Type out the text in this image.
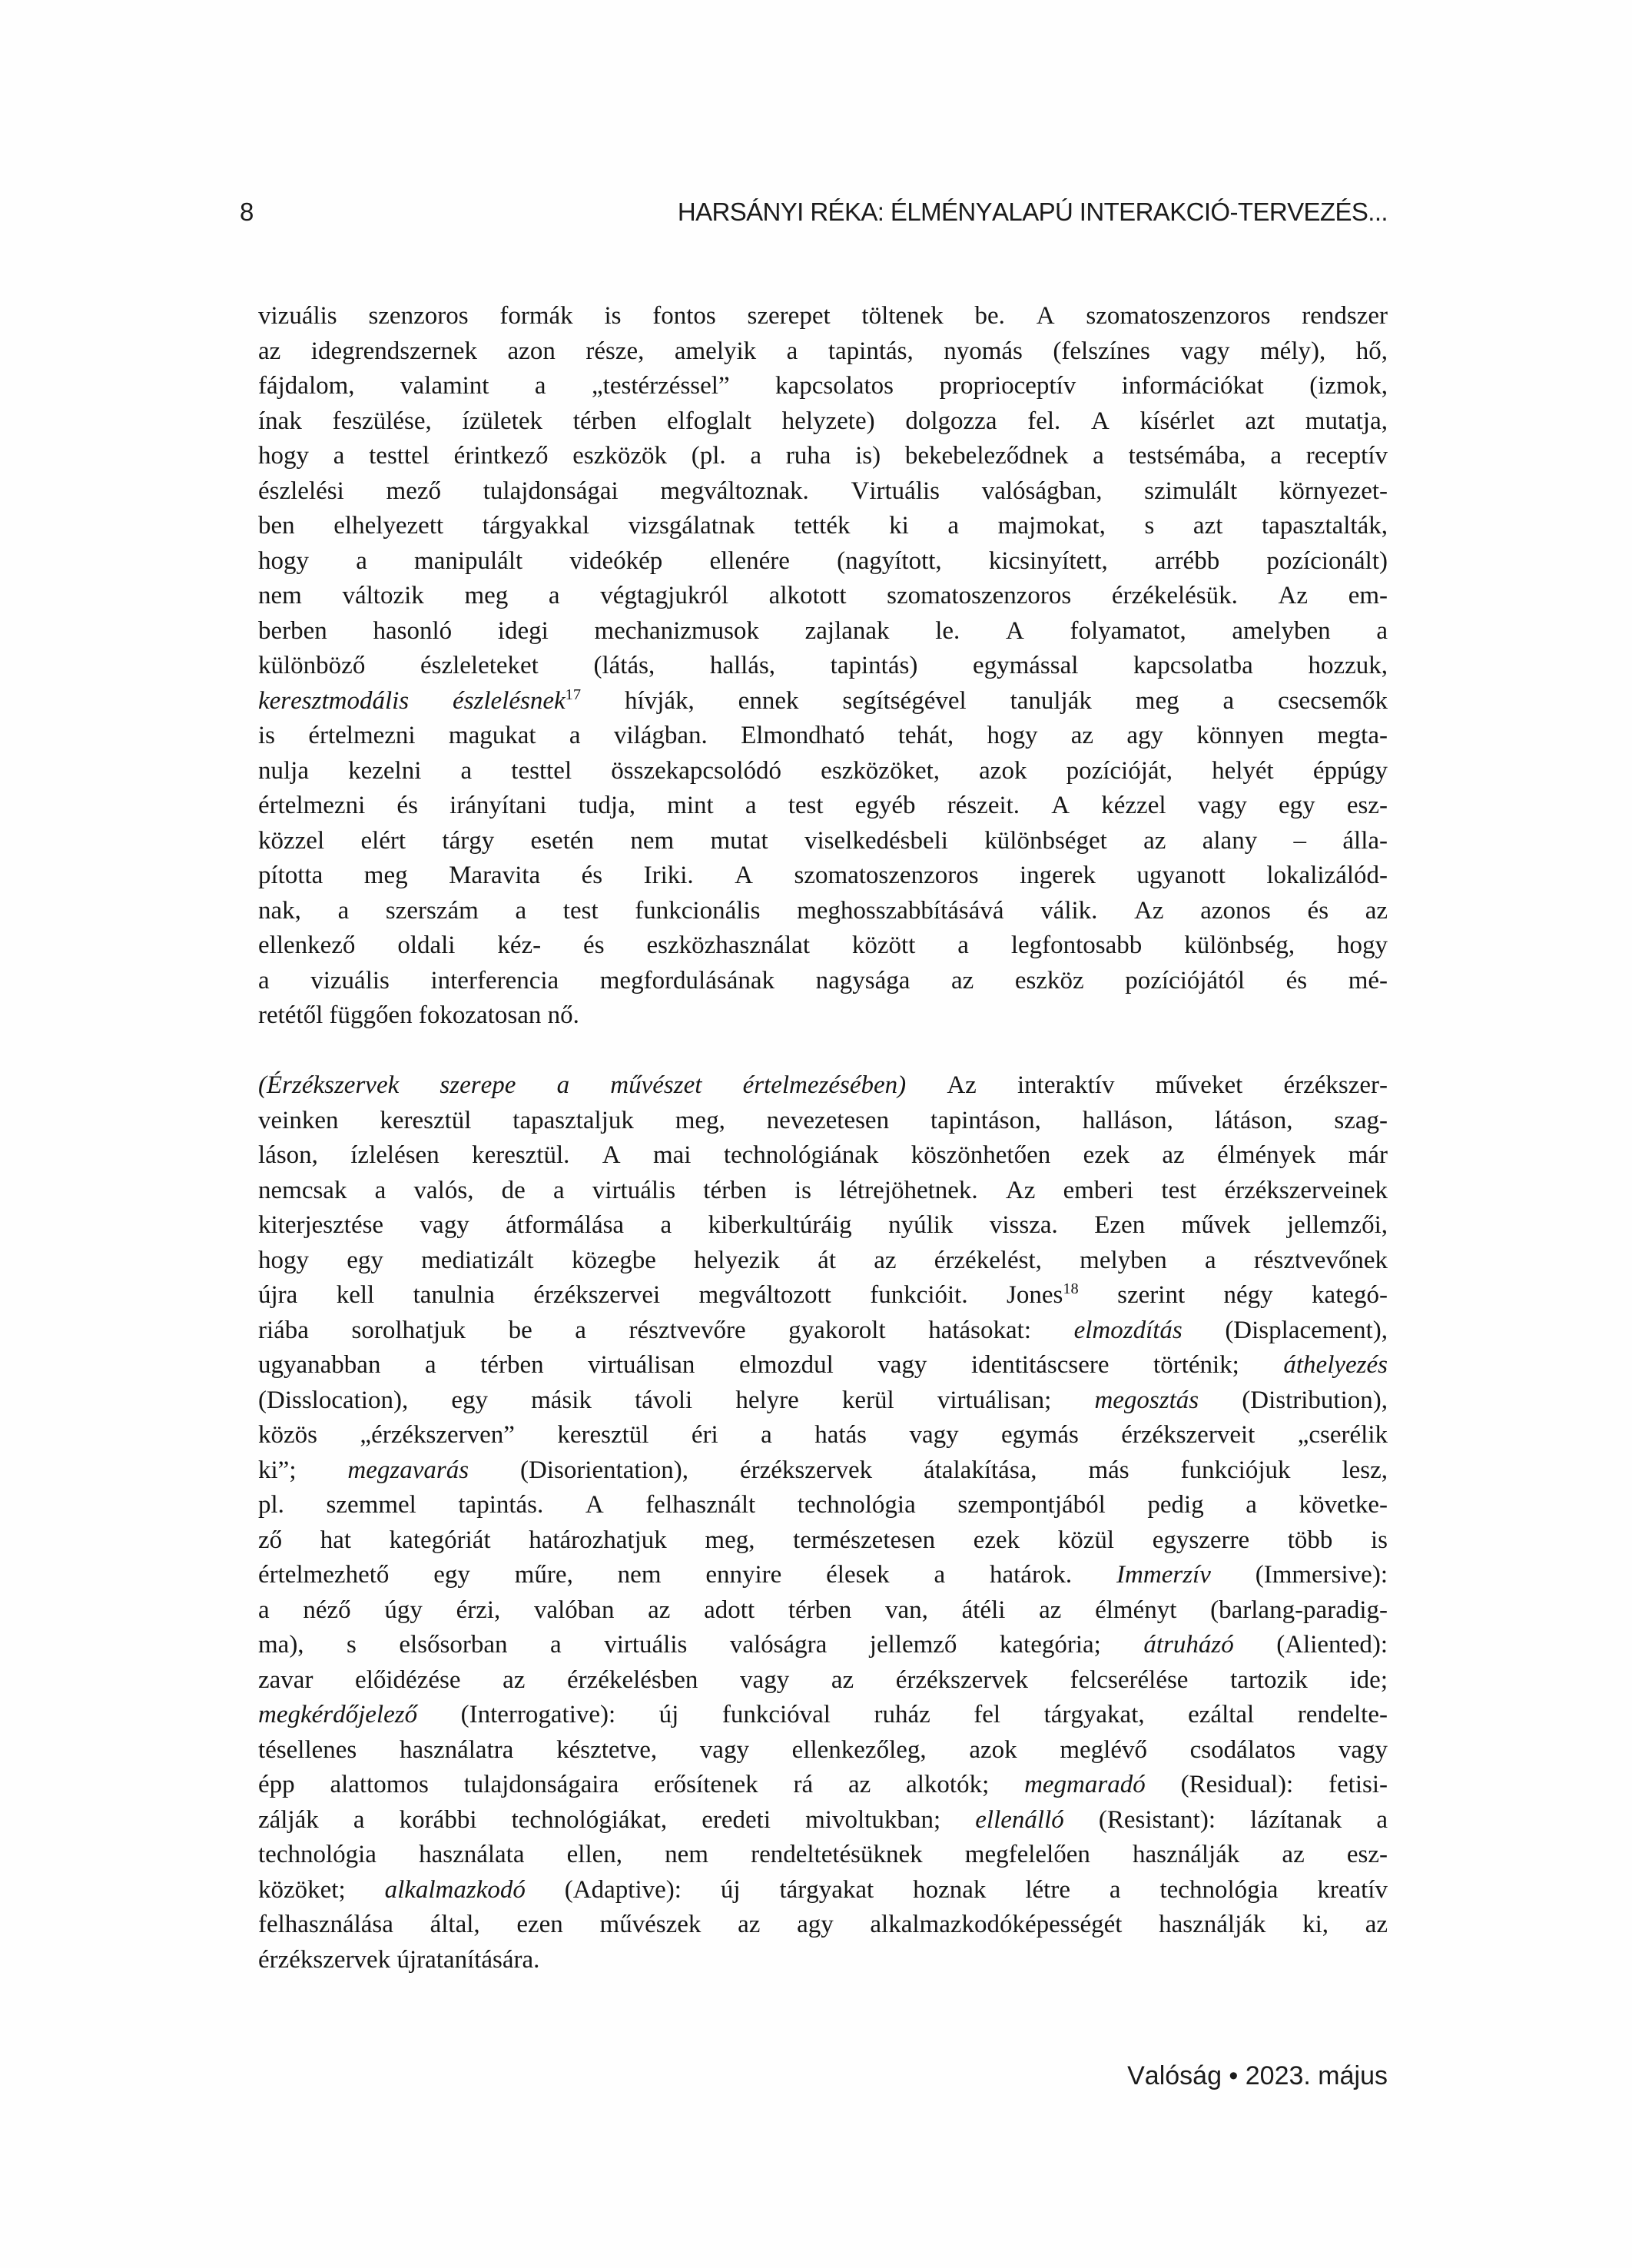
8	HARSÁNYI RÉKA: ÉLMÉNYALAPÚ INTERAKCIÓ-TERVEZÉS...
vizuális szenzoros formák is fontos szerepet töltenek be. A szomatoszenzoros rendszer
az idegrendszernek azon része, amelyik a tapintás, nyomás (felszínes vagy mély), hő,
fájdalom, valamint a „testérzéssel” kapcsolatos proprioceptív információkat (izmok,
ínak feszülése, ízületek térben elfoglalt helyzete) dolgozza fel. A kísérlet azt mutatja,
hogy a testtel érintkező eszközök (pl. a ruha is) bekebeleződnek a testsémába, a receptív
észlelési mező tulajdonságai megváltoznak. Virtuális valóságban, szimulált környezet-
ben elhelyezett tárgyakkal vizsgálatnak tették ki a majmokat, s azt tapasztalták,
hogy a manipulált videókép ellenére (nagyított, kicsinyített, arrébb pozícionált)
nem változik meg a végtagjukról alkotott szomatoszenzoros érzékelésük. Az em-
berben hasonló idegi mechanizmusok zajlanak le. A folyamatot, amelyben a
különböző észleleteket (látás, hallás, tapintás) egymással kapcsolatba hozzuk,
keresztmodális észlelésnek$^{17}$ hívják, ennek segítségével tanulják meg a csecsemők
is értelmezni magukat a világban. Elmondható tehát, hogy az agy könnyen megta-
nulja kezelni a testtel összekapcsolódó eszközöket, azok pozícióját, helyét éppúgy
értelmezni és irányítani tudja, mint a test egyéb részeit. A kézzel vagy egy esz-
közzel elért tárgy esetén nem mutat viselkedésbeli különbséget az alany – álla-
pította meg Maravita és Iriki. A szomatoszenzoros ingerek ugyanott lokalizálód-
nak, a szerszám a test funkcionális meghosszabbításává válik. Az azonos és az
ellenkező oldali kéz- és eszközhasználat között a legfontosabb különbség, hogy
a vizuális interferencia megfordulásának nagysága az eszköz pozíciójától és mé-
retétől függően fokozatosan nő.
(Érzékszervek szerepe a művészet értelmezésében) Az interaktív műveket érzékszer-
veinken keresztül tapasztaljuk meg, nevezetesen tapintáson, halláson, látáson, szag-
láson, ízlelésen keresztül. A mai technológiának köszönhetően ezek az élmények már
nemcsak a valós, de a virtuális térben is létrejöhetnek. Az emberi test érzékszerveinek
kiterjesztése vagy átformálása a kiberkultúráig nyúlik vissza. Ezen művek jellemzői,
hogy egy mediatizált közegbe helyezik át az érzékelést, melyben a résztvevőnek
újra kell tanulnia érzékszervei megváltozott funkcióit. Jones$^{18}$ szerint négy kategó-
riába sorolhatjuk be a résztvevőre gyakorolt hatásokat: elmozdítás (Displacement),
ugyanabban a térben virtuálisan elmozdul vagy identitáscsere történik; áthelyezés
(Disslocation), egy másik távoli helyre kerül virtuálisan; megosztás (Distribution),
közös „érzékszerven” keresztül éri a hatás vagy egymás érzékszerveit „cserélik
ki”; megzavarás (Disorientation), érzékszervek átalakítása, más funkciójuk lesz,
pl. szemmel tapintás. A felhasznált technológia szempontjából pedig a követke-
ző hat kategóriát határozhatjuk meg, természetesen ezek közül egyszerre több is
értelmezhető egy műre, nem ennyire élesek a határok. Immerzív (Immersive):
a néző úgy érzi, valóban az adott térben van, átéli az élményt (barlang-paradig-
ma), s elsősorban a virtuális valóságra jellemző kategória; átruházó (Aliented):
zavar előidézése az érzékelésben vagy az érzékszervek felcserélése tartozik ide;
megkérdőjelező (Interrogative): új funkcióval ruház fel tárgyakat, ezáltal rendelte-
tésellenes használatra késztetve, vagy ellenkezőleg, azok meglévő csodálatos vagy
épp alattomos tulajdonságaira erősítenek rá az alkotók; megmaradó (Residual): fetisi-
zálják a korábbi technológiákat, eredeti mivoltukban; ellenálló (Resistant): lázítanak a
technológia használata ellen, nem rendeltetésüknek megfelelően használják az esz-
közöket; alkalmazkodó (Adaptive): új tárgyakat hoznak létre a technológia kreatív
felhasználása által, ezen művészek az agy alkalmazkodóképességét használják ki, az
érzékszervek újratanítására.
Valóság • 2023. május
